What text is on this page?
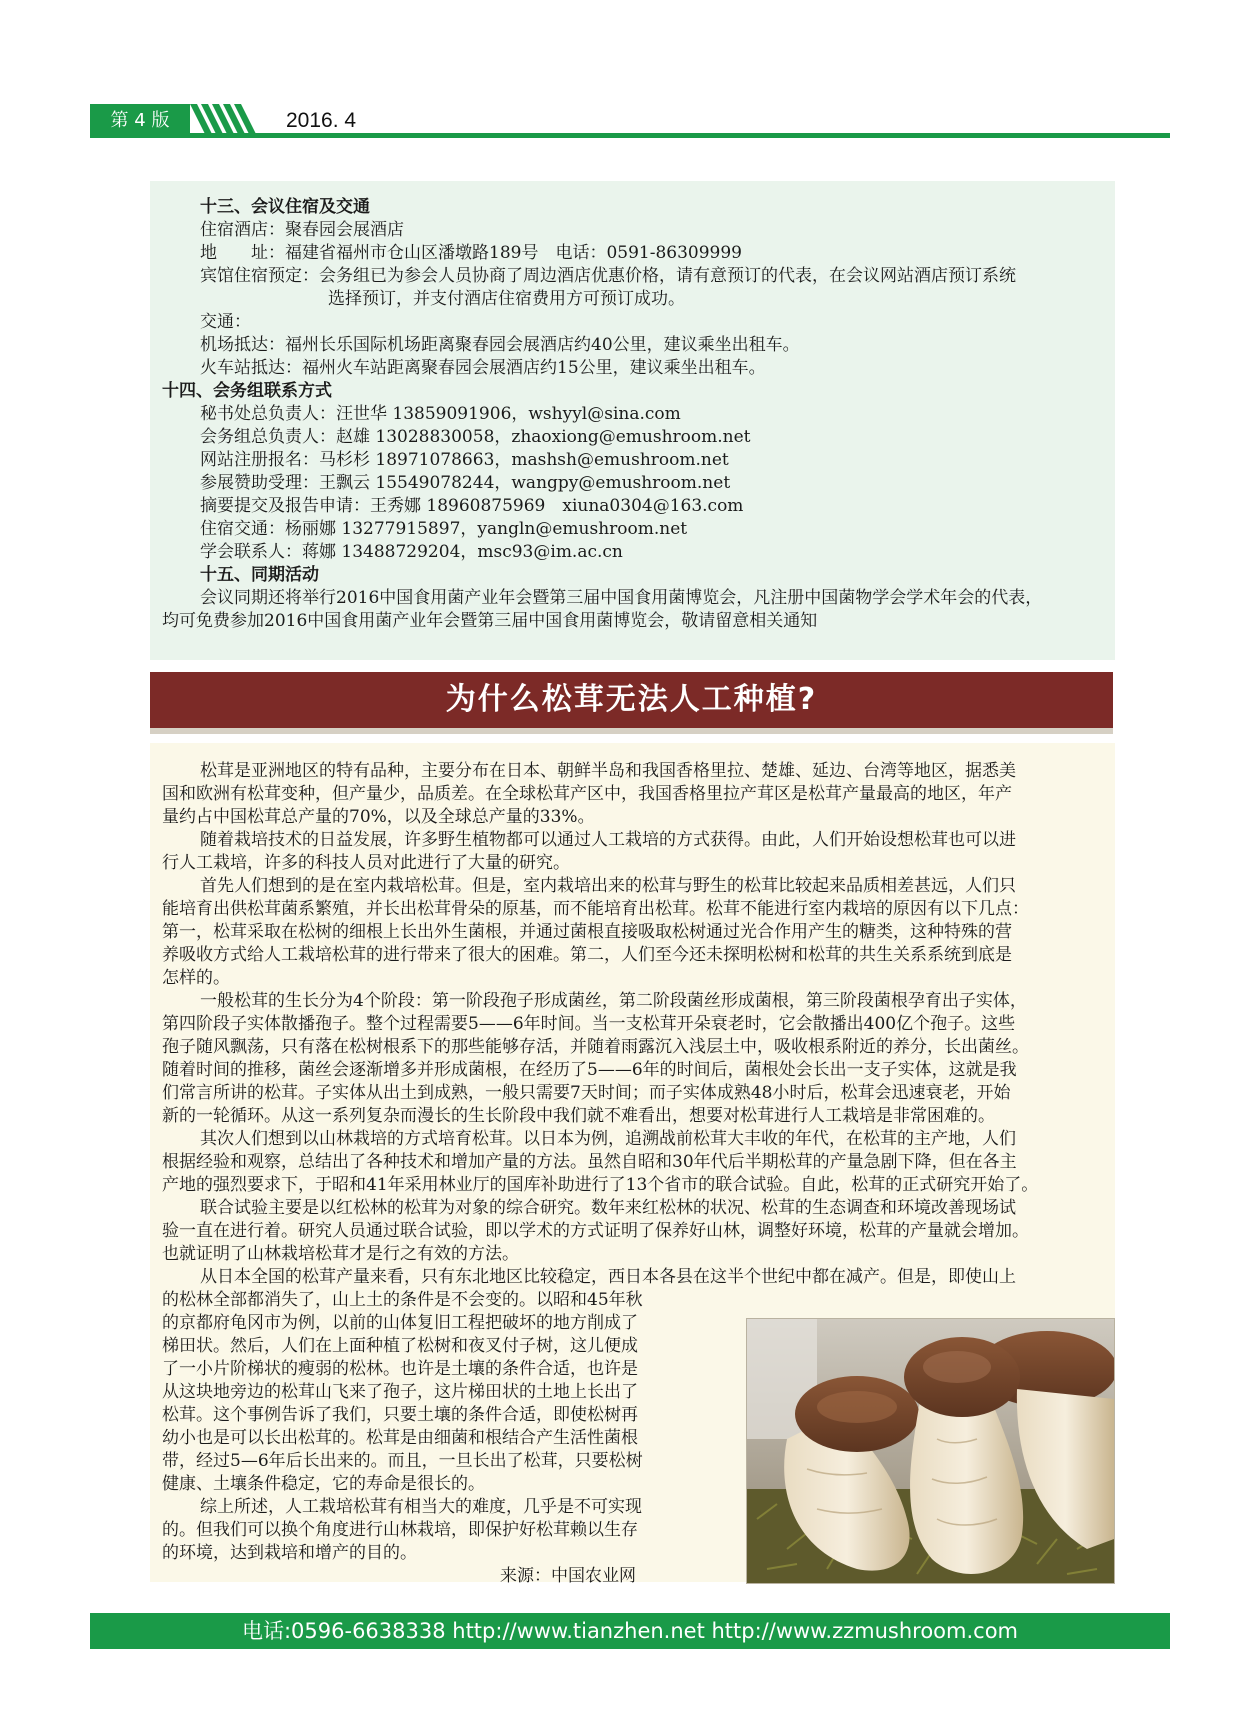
第 4 版	2016. 4
为什么松茸无法人工种植?
电话:0596-6638338 http://www.tianzhen.net http://www.zzmushroom.com
十三、会议住宿及交通
住宿酒店：聚春园会展酒店
地　　址：福建省福州市仓山区潘墩路189号　电话：0591-86309999
宾馆住宿预定：会务组已为参会人员协商了周边酒店优惠价格，请有意预订的代表，在会议网站酒店预订系统
选择预订，并支付酒店住宿费用方可预订成功。
交通：
机场抵达：福州长乐国际机场距离聚春园会展酒店约40公里，建议乘坐出租车。
火车站抵达：福州火车站距离聚春园会展酒店约15公里，建议乘坐出租车。
十四、会务组联系方式
秘书处总负责人：汪世华 13859091906，wshyyl@sina.com
会务组总负责人：赵雄 13028830058，zhaoxiong@emushroom.net
网站注册报名：马杉杉 18971078663，mashsh@emushroom.net
参展赞助受理：王飘云 15549078244，wangpy@emushroom.net
摘要提交及报告申请：王秀娜 18960875969　xiuna0304@163.com
住宿交通：杨丽娜 13277915897，yangln@emushroom.net
学会联系人：蒋娜 13488729204，msc93@im.ac.cn
十五、同期活动
会议同期还将举行2016中国食用菌产业年会暨第三届中国食用菌博览会，凡注册中国菌物学会学术年会的代表，
均可免费参加2016中国食用菌产业年会暨第三届中国食用菌博览会，敬请留意相关通知
松茸是亚洲地区的特有品种，主要分布在日本、朝鲜半岛和我国香格里拉、楚雄、延边、台湾等地区，据悉美
国和欧洲有松茸变种，但产量少，品质差。在全球松茸产区中，我国香格里拉产茸区是松茸产量最高的地区，年产
量约占中国松茸总产量的70%，以及全球总产量的33%。
随着栽培技术的日益发展，许多野生植物都可以通过人工栽培的方式获得。由此，人们开始设想松茸也可以进
行人工栽培，许多的科技人员对此进行了大量的研究。
首先人们想到的是在室内栽培松茸。但是，室内栽培出来的松茸与野生的松茸比较起来品质相差甚远，人们只
能培育出供松茸菌系繁殖，并长出松茸骨朵的原基，而不能培育出松茸。松茸不能进行室内栽培的原因有以下几点：
第一，松茸采取在松树的细根上长出外生菌根，并通过菌根直接吸取松树通过光合作用产生的糖类，这种特殊的营
养吸收方式给人工栽培松茸的进行带来了很大的困难。第二，人们至今还未探明松树和松茸的共生关系系统到底是
怎样的。
一般松茸的生长分为4个阶段：第一阶段孢子形成菌丝，第二阶段菌丝形成菌根，第三阶段菌根孕育出子实体，
第四阶段子实体散播孢子。整个过程需要5——6年时间。当一支松茸开朵衰老时，它会散播出400亿个孢子。这些
孢子随风飘荡，只有落在松树根系下的那些能够存活，并随着雨露沉入浅层土中，吸收根系附近的养分，长出菌丝。
随着时间的推移，菌丝会逐渐增多并形成菌根，在经历了5——6年的时间后，菌根处会长出一支子实体，这就是我
们常言所讲的松茸。子实体从出土到成熟，一般只需要7天时间；而子实体成熟48小时后，松茸会迅速衰老，开始
新的一轮循环。从这一系列复杂而漫长的生长阶段中我们就不难看出，想要对松茸进行人工栽培是非常困难的。
其次人们想到以山林栽培的方式培育松茸。以日本为例，追溯战前松茸大丰收的年代，在松茸的主产地，人们
根据经验和观察，总结出了各种技术和增加产量的方法。虽然自昭和30年代后半期松茸的产量急剧下降，但在各主
产地的强烈要求下，于昭和41年采用林业厅的国库补助进行了13个省市的联合试验。自此，松茸的正式研究开始了。
联合试验主要是以红松林的松茸为对象的综合研究。数年来红松林的状况、松茸的生态调查和环境改善现场试
验一直在进行着。研究人员通过联合试验，即以学术的方式证明了保养好山林，调整好环境，松茸的产量就会增加。
也就证明了山林栽培松茸才是行之有效的方法。
从日本全国的松茸产量来看，只有东北地区比较稳定，西日本各县在这半个世纪中都在减产。但是，即使山上
的松林全部都消失了，山上土的条件是不会变的。以昭和45年秋
的京都府龟冈市为例，以前的山体复旧工程把破坏的地方削成了
梯田状。然后，人们在上面种植了松树和夜叉付子树，这儿便成
了一小片阶梯状的瘦弱的松林。也许是土壤的条件合适，也许是
从这块地旁边的松茸山飞来了孢子，这片梯田状的土地上长出了
松茸。这个事例告诉了我们，只要土壤的条件合适，即使松树再
幼小也是可以长出松茸的。松茸是由细菌和根结合产生活性菌根
带，经过5—6年后长出来的。而且，一旦长出了松茸，只要松树
健康、土壤条件稳定，它的寿命是很长的。
综上所述，人工栽培松茸有相当大的难度，几乎是不可实现
的。但我们可以换个角度进行山林栽培，即保护好松茸赖以生存
的环境，达到栽培和增产的目的。
来源：中国农业网
